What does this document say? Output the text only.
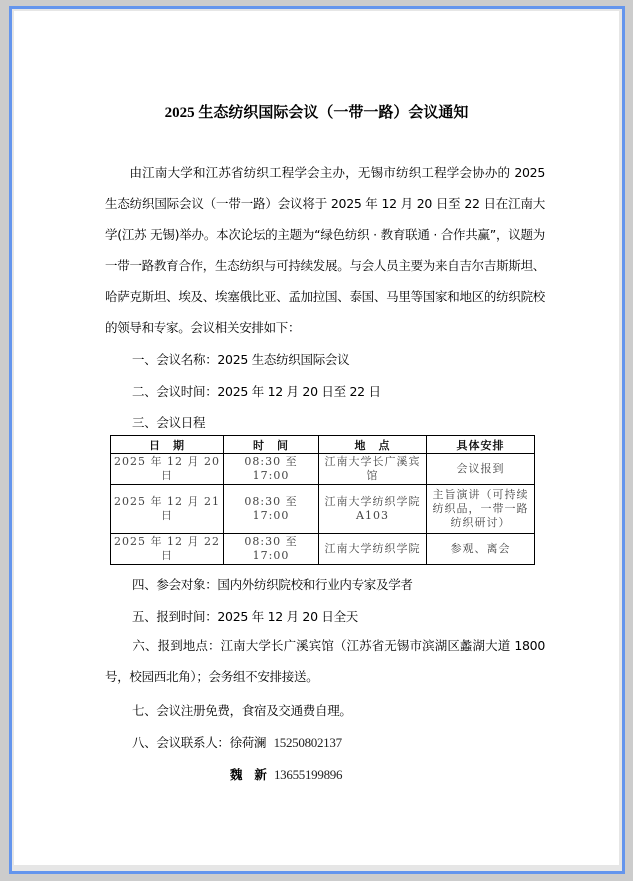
2025 生态纺织国际会议（一带一路）会议通知
由江南大学和江苏省纺织工程学会主办，无锡市纺织工程学会协办的 2025 生态纺织国际会议（一带一路）会议将于 2025 年 12 月 20 日至 22 日在江南大学(江苏 无锡)举办。本次论坛的主题为“绿色纺织 · 教育联通 · 合作共赢”，议题为一带一路教育合作，生态纺织与可持续发展。与会人员主要为来自吉尔吉斯斯坦、哈萨克斯坦、埃及、埃塞俄比亚、孟加拉国、泰国、马里等国家和地区的纺织院校的领导和专家。会议相关安排如下：
一、会议名称：2025 生态纺织国际会议
二、会议时间：2025 年 12 月 20 日至 22 日
三、会议日程
日　期	时　间	地　点	具体安排
2025 年 12 月 20 日	08:30 至 17:00	江南大学长广溪宾馆	会议报到
2025 年 12 月 21 日	08:30 至 17:00	江南大学纺织学院 A103	主旨演讲（可持续纺织品，一带一路纺织研讨）
2025 年 12 月 22 日	08:30 至 17:00	江南大学纺织学院	参观、离会
四、参会对象：国内外纺织院校和行业内专家及学者
五、报到时间：2025 年 12 月 20 日全天
六、报到地点：江南大学长广溪宾馆（江苏省无锡市滨湖区蠡湖大道 1800 号，校园西北角）；会务组不安排接送。
七、会议注册免费，食宿及交通费自理。
八、会议联系人：徐荷澜 15250802137
魏　新 13655199896
